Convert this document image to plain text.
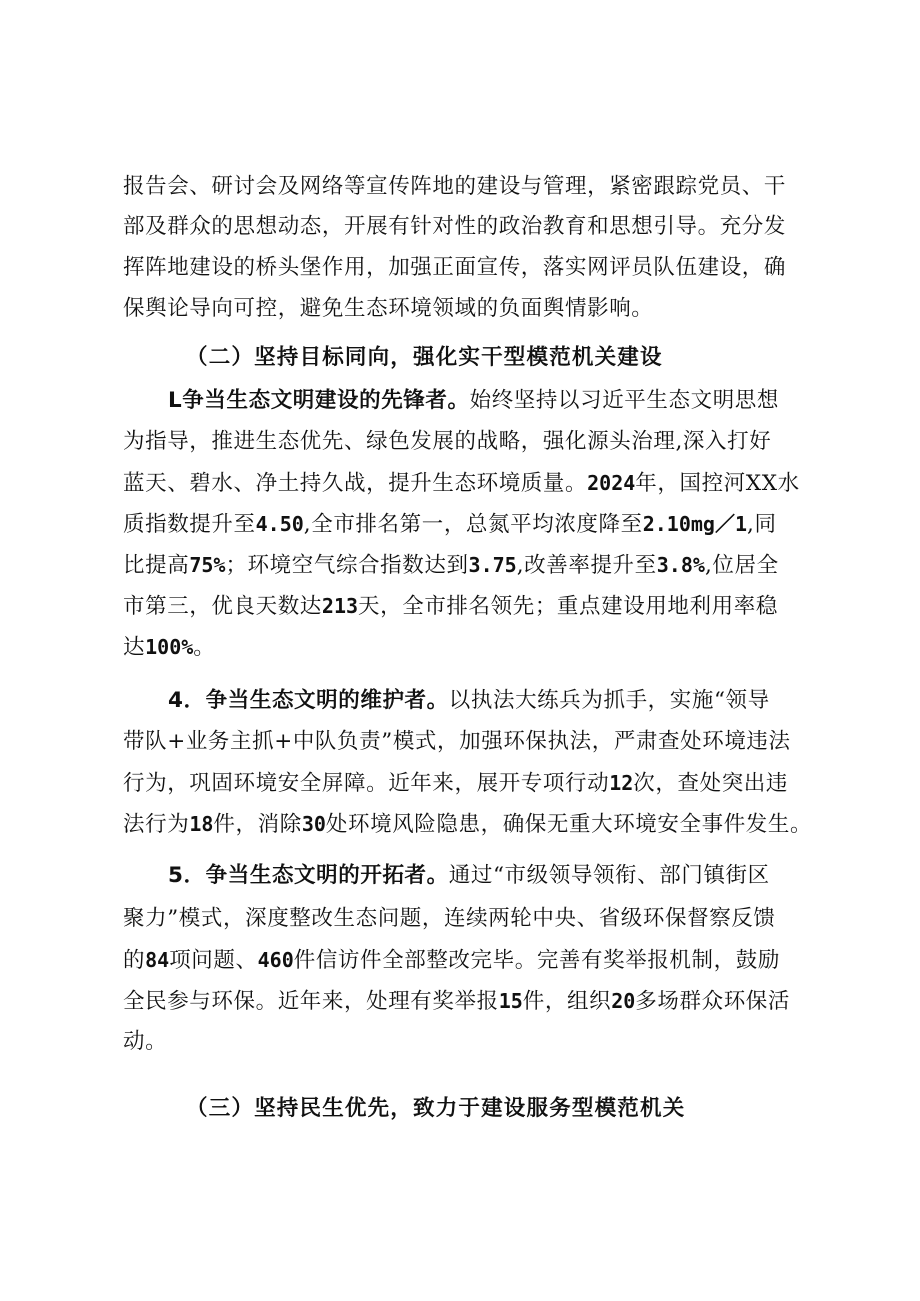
报告会、研讨会及网络等宣传阵地的建设与管理，紧密跟踪党员、干
部及群众的思想动态，开展有针对性的政治教育和思想引导。充分发
挥阵地建设的桥头堡作用，加强正面宣传，落实网评员队伍建设，确
保舆论导向可控，避免生态环境领域的负面舆情影响。
（二）坚持目标同向，强化实干型模范机关建设
L争当生态文明建设的先锋者。始终坚持以习近平生态文明思想
为指导，推进生态优先、绿色发展的战略，强化源头治理,深入打好
蓝天、碧水、净土持久战，提升生态环境质量。2024年，国控河XX水
质指数提升至4.50,全市排名第一，总氮平均浓度降至2.10mg／1,同
比提高75%；环境空气综合指数达到3.75,改善率提升至3.8%,位居全
市第三，优良天数达213天，全市排名领先；重点建设用地利用率稳
达100%。
4．争当生态文明的维护者。以执法大练兵为抓手，实施“领导
带队+业务主抓+中队负责”模式，加强环保执法，严肃查处环境违法
行为，巩固环境安全屏障。近年来，展开专项行动12次，查处突出违
法行为18件，消除30处环境风险隐患，确保无重大环境安全事件发生。
5．争当生态文明的开拓者。通过“市级领导领衔、部门镇街区
聚力”模式，深度整改生态问题，连续两轮中央、省级环保督察反馈
的84项问题、460件信访件全部整改完毕。完善有奖举报机制，鼓励
全民参与环保。近年来，处理有奖举报15件，组织20多场群众环保活
动。
（三）坚持民生优先，致力于建设服务型模范机关
